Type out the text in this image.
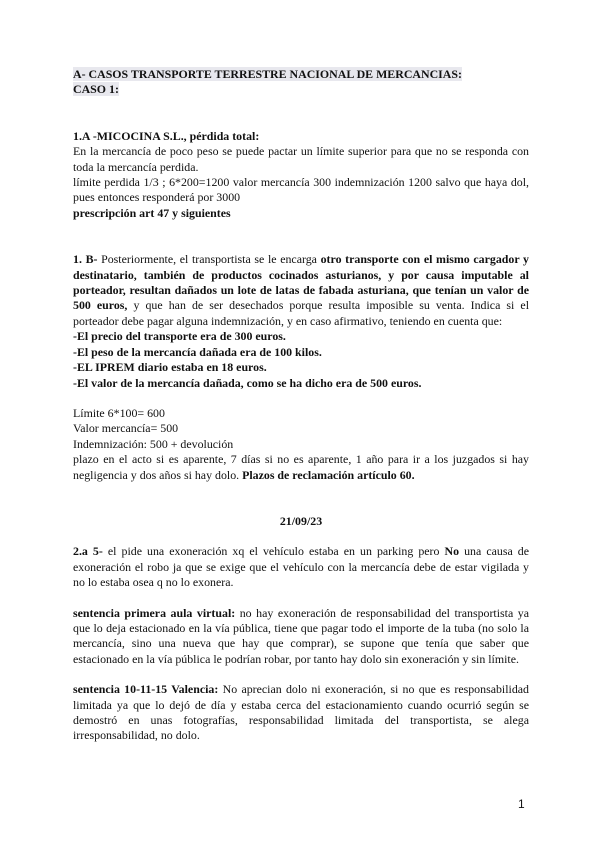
A- CASOS TRANSPORTE TERRESTRE NACIONAL DE MERCANCIAS:

CASO 1:

1.A -MICOCINA S.L., pérdida total:

En la mercancía de poco peso se puede pactar un límite superior para que no se responda con toda la mercancía perdida.

límite perdida 1/3 ; 6*200=1200 valor mercancía 300 indemnización 1200 salvo que haya dol, pues entonces responderá por 3000

prescripción art 47 y siguientes

1. B- Posteriormente, el transportista se le encarga otro transporte con el mismo cargador y destinatario, también de productos cocinados asturianos, y por causa imputable al porteador, resultan dañados un lote de latas de fabada asturiana, que tenían un valor de 500 euros, y que han de ser desechados porque resulta imposible su venta. Indica si el porteador debe pagar alguna indemnización, y en caso afirmativo, teniendo en cuenta que:

-El precio del transporte era de 300 euros.

-El peso de la mercancía dañada era de 100 kilos.

-EL IPREM diario estaba en 18 euros.

-El valor de la mercancía dañada, como se ha dicho era de 500 euros.

Límite 6*100= 600

Valor mercancía= 500

Indemnización: 500 + devolución

plazo en el acto si es aparente, 7 días si no es aparente, 1 año para ir a los juzgados si hay negligencia y dos años si hay dolo. Plazos de reclamación artículo 60.

21/09/23

2.a 5- el pide una exoneración xq el vehículo estaba en un parking pero No una causa de exoneración el robo ja que se exige que el vehículo con la mercancía debe de estar vigilada y no lo estaba osea q no lo exonera.

sentencia primera aula virtual: no hay exoneración de responsabilidad del transportista ya que lo deja estacionado en la vía pública, tiene que pagar todo el importe de la tuba (no solo la mercancía, sino una nueva que hay que comprar), se supone que tenía que saber que estacionado en la vía pública le podrían robar, por tanto hay dolo sin exoneración y sin límite.

sentencia 10-11-15 Valencia: No aprecian dolo ni exoneración, si no que es responsabilidad limitada ya que lo dejó de día y estaba cerca del estacionamiento cuando ocurrió según se demostró en unas fotografías, responsabilidad limitada del transportista, se alega irresponsabilidad, no dolo.

1
